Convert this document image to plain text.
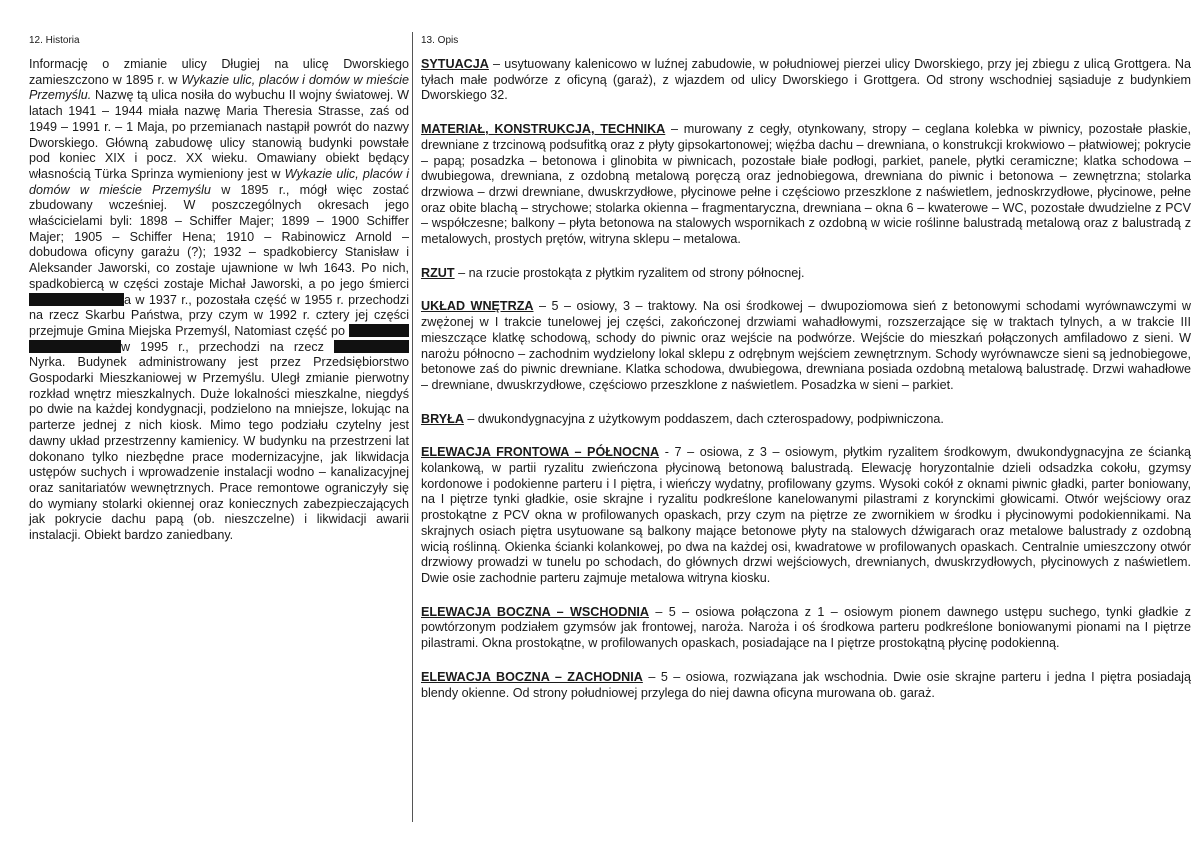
12. Historia

Informację o zmianie ulicy Długiej na ulicę Dworskiego zamieszczono w 1895 r. w Wykazie ulic, placów i domów w mieście Przemyślu. Nazwę tą ulica nosiła do wybuchu II wojny światowej. W latach 1941 – 1944 miała nazwę Maria Theresia Strasse, zaś od 1949 – 1991 r. – 1 Maja, po przemianach nastąpił powrót do nazwy Dworskiego. Główną zabudowę ulicy stanowią budynki powstałe pod koniec XIX i pocz. XX wieku. Omawiany obiekt będący własnością Türka Sprinza wymieniony jest w Wykazie ulic, placów i domów w mieście Przemyślu w 1895 r., mógł więc zostać zbudowany wcześniej. W poszczególnych okresach jego właścicielami byli: 1898 – Schiffer Majer; 1899 – 1900 Schiffer Majer; 1905 – Schiffer Hena; 1910 – Rabinowicz Arnold – dobudowa oficyny garażu (?); 1932 – spadkobiercy Stanisław i Aleksander Jaworski, co zostaje ujawnione w lwh 1643. Po nich, spadkobiercą w części zostaje Michał Jaworski, a po jego śmierci a w 1937 r., pozostała część w 1955 r. przechodzi na rzecz Skarbu Państwa, przy czym w 1992 r. cztery jej części przejmuje Gmina Miejska Przemyśl, Natomiast część po w 1995 r., przechodzi na rzecz  Nyrka. Budynek administrowany jest przez Przedsiębiorstwo Gospodarki Mieszkaniowej w Przemyślu. Uległ zmianie pierwotny rozkład wnętrz mieszkalnych. Duże lokalności mieszkalne, niegdyś po dwie na każdej kondygnacji, podzielono na mniejsze, lokując na parterze jednej z nich kiosk. Mimo tego podziału czytelny jest dawny układ przestrzenny kamienicy. W budynku na przestrzeni lat dokonano tylko niezbędne prace modernizacyjne, jak likwidacja ustępów suchych i wprowadzenie instalacji wodno – kanalizacyjnej oraz sanitariatów wewnętrznych. Prace remontowe ograniczyły się do wymiany stolarki okiennej oraz koniecznych zabezpieczających jak pokrycie dachu papą (ob. nieszczelne) i likwidacji awarii instalacji. Obiekt bardzo zaniedbany.

13. Opis

SYTUACJA – usytuowany kalenicowo w luźnej zabudowie, w południowej pierzei ulicy Dworskiego, przy jej zbiegu z ulicą Grottgera. Na tyłach małe podwórze z oficyną (garaż), z wjazdem od ulicy Dworskiego i Grottgera. Od strony wschodniej sąsiaduje z budynkiem Dworskiego 32.

MATERIAŁ, KONSTRUKCJA, TECHNIKA – murowany z cegły, otynkowany, stropy – ceglana kolebka w piwnicy, pozostałe płaskie, drewniane z trzcinową podsufitką oraz z płyty gipsokartonowej; więźba dachu – drewniana, o konstrukcji krokwiowo – płatwiowej; pokrycie – papą; posadzka – betonowa i glinobita w piwnicach, pozostałe białe podłogi, parkiet, panele, płytki ceramiczne; klatka schodowa – dwubiegowa, drewniana, z ozdobną metalową poręczą oraz jednobiegowa, drewniana do piwnic i betonowa – zewnętrzna; stolarka drzwiowa – drzwi drewniane, dwuskrzydłowe, płycinowe pełne i częściowo przeszklone z naświetlem, jednoskrzydłowe, płycinowe, pełne oraz obite blachą – strychowe; stolarka okienna – fragmentaryczna, drewniana – okna 6 – kwaterowe – WC, pozostałe dwudzielne z PCV – współczesne; balkony – płyta betonowa na stalowych wspornikach z ozdobną w wicie roślinne balustradą metalową oraz z balustradą z metalowych, prostych prętów, witryna sklepu – metalowa.

RZUT – na rzucie prostokąta z płytkim ryzalitem od strony północnej.

UKŁAD WNĘTRZA – 5 – osiowy, 3 – traktowy. Na osi środkowej – dwupoziomowa sień z betonowymi schodami wyrównawczymi w zwężonej w I trakcie tunelowej jej części, zakończonej drzwiami wahadłowymi, rozszerzające się w traktach tylnych, a w trakcie III mieszczące klatkę schodową, schody do piwnic oraz wejście na podwórze. Wejście do mieszkań połączonych amfiladowo z sieni. W narożu północno – zachodnim wydzielony lokal sklepu z odrębnym wejściem zewnętrznym. Schody wyrównawcze sieni są jednobiegowe, betonowe zaś do piwnic drewniane. Klatka schodowa, dwubiegowa, drewniana posiada ozdobną metalową balustradę. Drzwi wahadłowe – drewniane, dwuskrzydłowe, częściowo przeszklone z naświetlem. Posadzka w sieni – parkiet.

BRYŁA – dwukondygnacyjna z użytkowym poddaszem, dach czterospadowy, podpiwniczona.

ELEWACJA FRONTOWA – PÓŁNOCNA - 7 – osiowa, z 3 – osiowym, płytkim ryzalitem środkowym, dwukondygnacyjna ze ścianką kolankową, w partii ryzalitu zwieńczona płycinową betonową balustradą. Elewację horyzontalnie dzieli odsadzka cokołu, gzymsy kordonowe i podokienne parteru i I piętra, i wieńczy wydatny, profilowany gzyms. Wysoki cokół z oknami piwnic gładki, parter boniowany, na I piętrze tynki gładkie, osie skrajne i ryzalitu podkreślone kanelowanymi pilastrami z korynckimi głowicami. Otwór wejściowy oraz prostokątne z PCV okna w profilowanych opaskach, przy czym na piętrze ze zwornikiem w środku i płycinowymi podokiennikami. Na skrajnych osiach piętra usytuowane są balkony mające betonowe płyty na stalowych dźwigarach oraz metalowe balustrady z ozdobną wicią roślinną. Okienka ścianki kolankowej, po dwa na każdej osi, kwadratowe w profilowanych opaskach. Centralnie umieszczony otwór drzwiowy prowadzi w tunelu po schodach, do głównych drzwi wejściowych, drewnianych, dwuskrzydłowych, płycinowych z naświetlem. Dwie osie zachodnie parteru zajmuje metalowa witryna kiosku.

ELEWACJA BOCZNA – WSCHODNIA – 5 – osiowa połączona z 1 – osiowym pionem dawnego ustępu suchego, tynki gładkie z powtórzonym podziałem gzymsów jak frontowej, naroża. Naroża i oś środkowa parteru podkreślone boniowanymi pionami na I piętrze pilastrami. Okna prostokątne, w profilowanych opaskach, posiadające na I piętrze prostokątną płycinę podokienną.

ELEWACJA BOCZNA – ZACHODNIA – 5 – osiowa, rozwiązana jak wschodnia. Dwie osie skrajne parteru i jedna I piętra posiadają blendy okienne. Od strony południowej przylega do niej dawna oficyna murowana ob. garaż.
